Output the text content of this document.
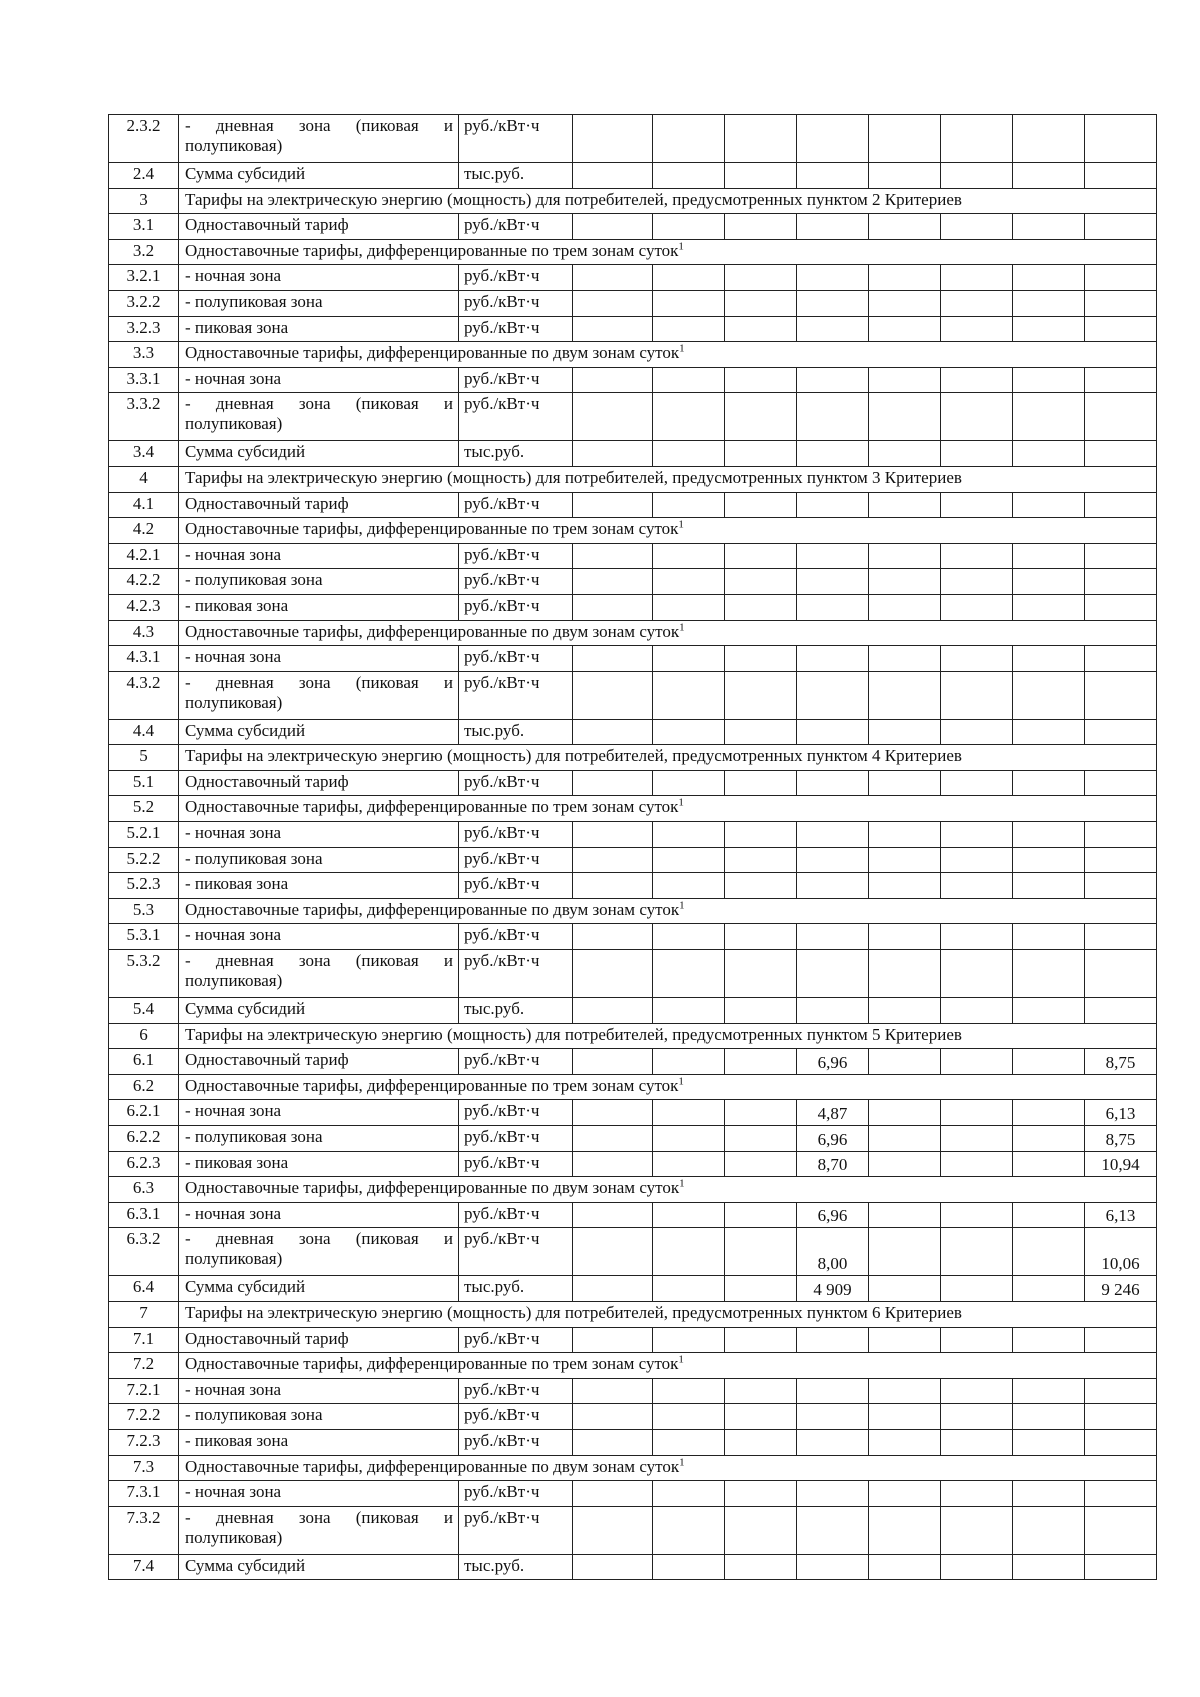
2.3.2	- дневная зона (пиковая и полупиковая)	руб./кВт·ч								
2.4	Сумма субсидий	тыс.руб.								
3	Тарифы на электрическую энергию (мощность) для потребителей, предусмотренных пунктом 2 Критериев									
3.1	Одноставочный тариф	руб./кВт·ч								
3.2	Одноставочные тарифы, дифференцированные по трем зонам суток$^1$
3.2.1	- ночная зона	руб./кВт·ч								
3.2.2	- полупиковая зона	руб./кВт·ч								
3.2.3	- пиковая зона	руб./кВт·ч								
3.3	Одноставочные тарифы, дифференцированные по двум зонам суток$^1$
3.3.1	- ночная зона	руб./кВт·ч								
3.3.2	- дневная зона (пиковая и полупиковая)	руб./кВт·ч								
3.4	Сумма субсидий	тыс.руб.								
4	Тарифы на электрическую энергию (мощность) для потребителей, предусмотренных пунктом 3 Критериев									
4.1	Одноставочный тариф	руб./кВт·ч								
4.2	Одноставочные тарифы, дифференцированные по трем зонам суток$^1$
4.2.1	- ночная зона	руб./кВт·ч								
4.2.2	- полупиковая зона	руб./кВт·ч								
4.2.3	- пиковая зона	руб./кВт·ч								
4.3	Одноставочные тарифы, дифференцированные по двум зонам суток$^1$
4.3.1	- ночная зона	руб./кВт·ч								
4.3.2	- дневная зона (пиковая и полупиковая)	руб./кВт·ч								
4.4	Сумма субсидий	тыс.руб.								
5	Тарифы на электрическую энергию (мощность) для потребителей, предусмотренных пунктом 4 Критериев									
5.1	Одноставочный тариф	руб./кВт·ч								
5.2	Одноставочные тарифы, дифференцированные по трем зонам суток$^1$
5.2.1	- ночная зона	руб./кВт·ч								
5.2.2	- полупиковая зона	руб./кВт·ч								
5.2.3	- пиковая зона	руб./кВт·ч								
5.3	Одноставочные тарифы, дифференцированные по двум зонам суток$^1$
5.3.1	- ночная зона	руб./кВт·ч								
5.3.2	- дневная зона (пиковая и полупиковая)	руб./кВт·ч								
5.4	Сумма субсидий	тыс.руб.								
6	Тарифы на электрическую энергию (мощность) для потребителей, предусмотренных пунктом 5 Критериев									
6.1	Одноставочный тариф	руб./кВт·ч				6,96				8,75
6.2	Одноставочные тарифы, дифференцированные по трем зонам суток$^1$
6.2.1	- ночная зона	руб./кВт·ч				4,87				6,13
6.2.2	- полупиковая зона	руб./кВт·ч				6,96				8,75
6.2.3	- пиковая зона	руб./кВт·ч				8,70				10,94
6.3	Одноставочные тарифы, дифференцированные по двум зонам суток$^1$
6.3.1	- ночная зона	руб./кВт·ч				6,96				6,13
6.3.2	- дневная зона (пиковая и полупиковая)	руб./кВт·ч				8,00				10,06
6.4	Сумма субсидий	тыс.руб.				4 909				9 246
7	Тарифы на электрическую энергию (мощность) для потребителей, предусмотренных пунктом 6 Критериев									
7.1	Одноставочный тариф	руб./кВт·ч								
7.2	Одноставочные тарифы, дифференцированные по трем зонам суток$^1$
7.2.1	- ночная зона	руб./кВт·ч								
7.2.2	- полупиковая зона	руб./кВт·ч								
7.2.3	- пиковая зона	руб./кВт·ч								
7.3	Одноставочные тарифы, дифференцированные по двум зонам суток$^1$
7.3.1	- ночная зона	руб./кВт·ч								
7.3.2	- дневная зона (пиковая и полупиковая)	руб./кВт·ч								
7.4	Сумма субсидий	тыс.руб.								
